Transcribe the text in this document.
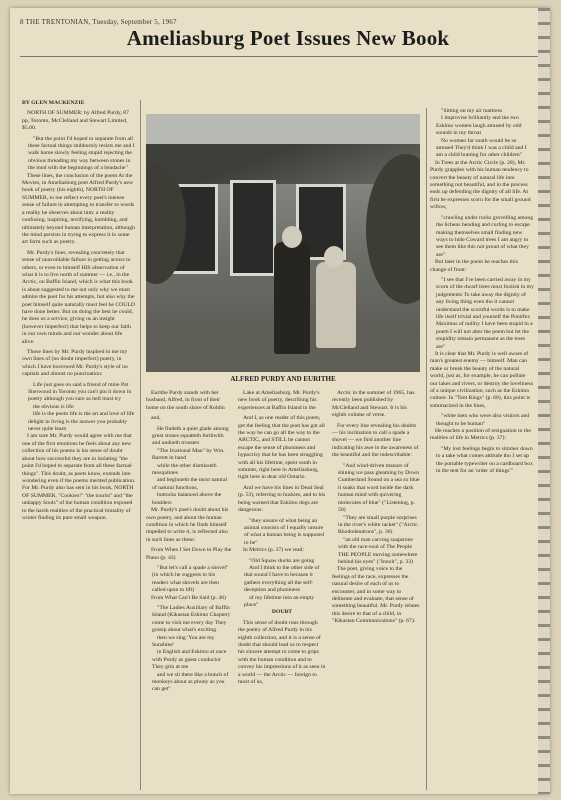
8 THE TRENTONIAN, Tuesday, September 5, 1967
Ameliasburg Poet Issues New Book
BY GLEN MACKENZIE

NORTH OF SUMMER: by Alfred Purdy, 87 pp, Toronto, McClelland and Stewart Limited, $5.00.

"But the point I'd hoped to separate from all these factual things stubbornly resists me and I walk home slowly feeling stupid rejecting the obvious threading my way between stones in the mud with the beginnings of a headache"

These lines, the conclusion of the poem At the Movies, in Ameliasburg poet Alfred Purdy's new book of poetry (his eighth), NORTH OF SUMMER, to me reflect every poet's intense sense of failure in attempting to transfer to words a reality he observes about him: a reality confusing, inspiring, terrifying, humbling, and ultimately beyond human interpretation, although the mind persists in trying to express it in some art form such as poetry.

Mr. Purdy's lines, revealing concretely that sense of unavoidable failure in getting across to others, or even to himself HIS observation of what it is to live north of summer — i.e., in the Arctic, on Baffin Island, which is what this book is about suggested to me not only why we must admire the poet for his attempts, but also why the poet himself quite naturally must feel he COULD have done better. But on doing the best he could, he does us a service, giving us an insight (however imperfect) that helps to keep our faith in our own minds and our wonder about life alive.

Those lines by Mr. Purdy inspired in me my own lines of (no doubt imperfect) poetry, in which I have borrowed Mr. Purdy's style of no capitals and almost no punctuation:

Life just goes on said a friend of mine Pat Sherwood in Toronto you can't pin it down in poetry although you sure as hell must try

the obvious is life

life is the poem life is the art and love of life delight in living is the answer you probably never quite learn

I am sure Mr. Purdy would agree with me that one of the first emotions he feels about any new collection of his poems is his sense of doubt about how successful they are in isolating "the point I'd hoped to separate from all these factual things". This doubt, as poets know, extends into wondering even if the poems merited publication. For Mr. Purdy also has sent in his book, NORTH OF SUMMER, "Cookies!" "the tourist" and "the unhappy Souls" of the human condition exposed to the harsh realities of the practical brutality of winter finding its pure small weapon.

ALFRED PURDY AND EURITHE

Eurithe Purdy stands with her husband, Alfred, in front of their home on the south shore of Roblin

and,

He findeth a quiet glade among great stones squatteth forthwith and undoeth trousers

"The Irrational Man" by Wm. Barrett in hand

while the other dismisseth mosquitoes

and beginneth the most natural of natural functions,

buttocks balanced above the boulders

Mr. Purdy's poet's doubt about his own poetry, and about the human condition in which he finds himself impelled to write it, is reflected also in such lines as these:

From When I Set Down to Play the Piano (p. 43)

"But let's call a spade a shovel" (in which he suggests to his readers what shovels are then called upon to lift)

From What Can't Be Said (p. 46)

"The Ladies Auxiliary of Baffin Island (Kikastan Eskimo Chapter) come to visit me every day They gossip about what's exciting

then we sing 'You are my Sunshine'

in English and Eskimo at once with Purdy as guest conductor They grin at me

and we sit there like a bunch of monkeys about as phony as you can get"

Lake at Ameliasburg. Mr. Purdy's new book of poetry, describing his experiences at Baffin Island in the

And I, as one reader of this poem, get the feeling that the poet has got all the way he can go all the way to the ARCTIC, and STILL he cannot escape the sense of phoniness and hypocrisy that he has been struggling with all his lifetime, spent south in summer, right here in Ameliasburg, right here in dear old Ontario.

And we have his lines in Dead Seal (p. 53), referring to huskies, and to his being warned that Eskimo dogs are dangerous:

"they unsure of what being an animal consists of I equally unsure of what a human being is supposed to be"

In Metrics (p. 37) we read:

"Old Squaw ducks are going

And I think to the other side of that sound I have to because it gathers everything all the self-deception and phoniness

of my lifetime into an empty place"

DOUBT

This sense of doubt runs through the poetry of Alfred Purdy in his eighth collection, and it is a sense of doubt that should lead us to respect his sincere attempt to come to grips with the human condition and to convey his impressions of it as seen in a world — the Arctic — foreign to most of us,

Arctic in the summer of 1965, has recently been published by McClelland and Stewart. It is his eighth volume of verse.

For every line revealing his doubts — his inclination to call a spade a shovel — we find another line indicating his awe in the awareness of the beautiful and the indescribable:

"And wind-driven manors of shining ice pass gleaming by Down Cumberland Sound on a sea so blue it soaks that word inside the dark human mind with quivering molecules of blue" ("Listening, p. 50)

"They are small purple surprises in the river's white racket" ("Arctic Rhododendrons", p. 36)

"an old man carving soapstone with the race-soul of The People THE PEOPLE moving somewhere behind his eyes" ("Innuit", p. 33)

The poet, giving voice to the feelings of the race, expresses the natural desire of each of us to encounter, and in some way to delineate and evaluate, that sense of something beautiful. Mr. Purdy relates this desire to that of a child, in "Kikastan Communications" (p. 67):

"Sitting on my air mattress

I improvise brilliantly and the two Eskimo women laugh amused by odd sounds in my throat

No women far south would be so amused They'd think I was a child and I am a child hunting for other children"

In Trees at the Arctic Circle (p. 28), Mr. Purdy grapples with his human tendency to convert the beauty of natural life into something not beautiful, and in the process ends up defending the dignity of all life. At first he expresses scorn for the small ground willow,

"crawling under rocks grovelling among the lichens bending and curling to escape making themselves small finding new ways to hide Coward trees I am angry to see them like this not proud of what they are"

But later in the poem he reaches this change of front:

"I see that I've been carried away in my scorn of the dwarf trees most foolish in my judgements To take away the dignity of any living thing even tho it cannot understand the scornful words is to make life itself trivial and yourself the Pontifex Maximus of nullity I have been stupid in a poem I will not alter the poem but let the stupidity remain permanent as the trees are"

It is clear that Mr. Purdy is well aware of man's greatest enemy — himself. Man can make or break the beauty of the natural world, just as, for example, he can pollute our lakes and rivers, or destroy the loveliness of a unique civilization, such as the Eskimo culture. In "Tent Rings" (p. 68), this point is summarized in the lines,

"white men who were also visitors and thought to be human"

He reaches a position of resignation to the realities of life in Metrics (p. 37):

"My lost feelings begin to simmer down to a take what comes attitude tho I set up the portable typewriter on a cardboard box in the tent for an 'order of things'"
